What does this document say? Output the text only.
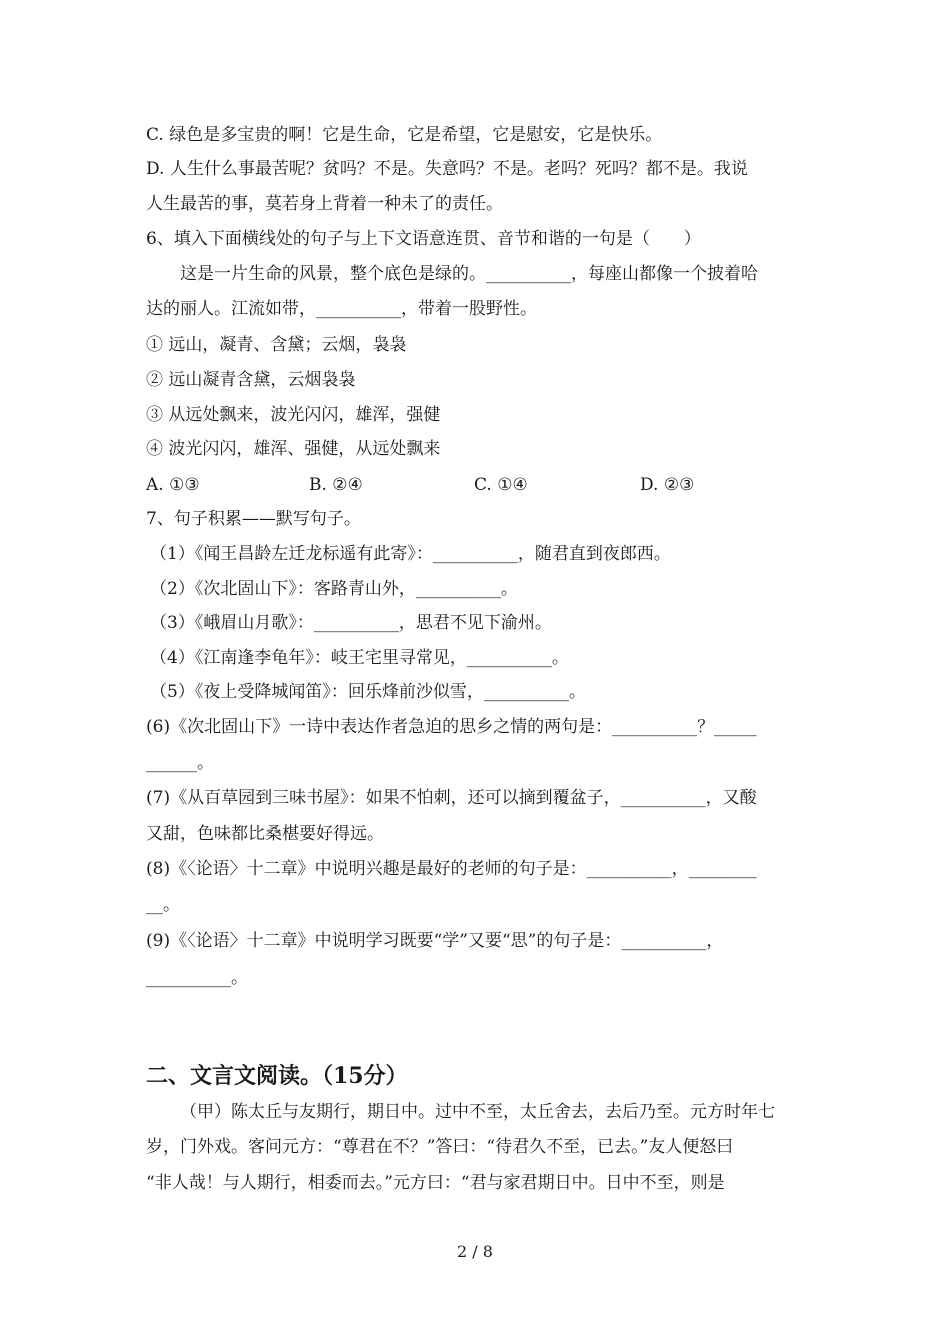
C. 绿色是多宝贵的啊！它是生命，它是希望，它是慰安，它是快乐。
D. 人生什么事最苦呢？贫吗？不是。失意吗？不是。老吗？死吗？都不是。我说
人生最苦的事，莫若身上背着一种未了的责任。
6、填入下面横线处的句子与上下文语意连贯、音节和谐的一句是（　　）
这是一片生命的风景，整个底色是绿的。__________，每座山都像一个披着哈
达的丽人。江流如带，__________，带着一股野性。
① 远山，凝青、含黛；云烟，袅袅
② 远山凝青含黛，云烟袅袅
③ 从远处飘来，波光闪闪，雄浑，强健
④ 波光闪闪，雄浑、强健，从远处飘来
A. ①③	B. ②④	C. ①④	D. ②③
7、句子积累——默写句子。
（1）《闻王昌龄左迁龙标遥有此寄》：__________，随君直到夜郎西。
（2）《次北固山下》：客路青山外，__________。
（3）《峨眉山月歌》：__________，思君不见下渝州。
（4）《江南逢李龟年》：岐王宅里寻常见，__________。
（5）《夜上受降城闻笛》：回乐烽前沙似雪，__________。
(6)《次北固山下》一诗中表达作者急迫的思乡之情的两句是：__________？_____
______。
(7)《从百草园到三味书屋》：如果不怕刺，还可以摘到覆盆子，__________，又酸
又甜，色味都比桑椹要好得远。
(8)《〈论语〉十二章》中说明兴趣是最好的老师的句子是：__________，________
__。
(9)《〈论语〉十二章》中说明学习既要“学”又要“思”的句子是：__________，
__________。
二、文言文阅读。（15分）
（甲）陈太丘与友期行，期日中。过中不至，太丘舍去，去后乃至。元方时年七
岁，门外戏。客问元方：“尊君在不？”答曰：“待君久不至，已去。”友人便怒曰
“非人哉！与人期行，相委而去。”元方曰：“君与家君期日中。日中不至，则是
2 / 8
